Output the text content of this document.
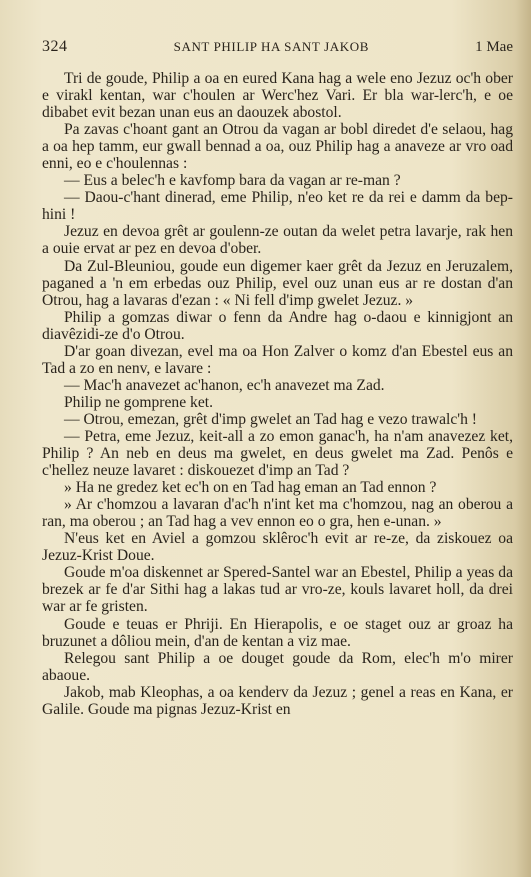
324	SANT PHILIP HA SANT JAKOB	1 Mae

Tri de goude, Philip a oa en eured Kana hag a wele eno Jezuz oc'h ober e virakl kentan, war c'houlen ar Werc'hez Vari. Er bla war-lerc'h, e oe dibabet evit bezan unan eus an daouzek abostol.

Pa zavas c'hoant gant an Otrou da vagan ar bobl diredet d'e selaou, hag a oa hep tamm, eur gwall bennad a oa, ouz Philip hag a anaveze ar vro oad enni, eo e c'houlennas :

— Eus a belec'h e kavfomp bara da vagan ar re-man ?

— Daou-c'hant dinerad, eme Philip, n'eo ket re da rei e damm da bep-hini !

Jezuz en devoa grêt ar goulenn-ze outan da welet petra lavarje, rak hen a ouie ervat ar pez en devoa d'ober.

Da Zul-Bleuniou, goude eun digemer kaer grêt da Jezuz en Jeruzalem, paganed a 'n em erbedas ouz Philip, evel ouz unan eus ar re dostan d'an Otrou, hag a lavaras d'ezan : « Ni fell d'imp gwelet Jezuz. »

Philip a gomzas diwar o fenn da Andre hag o-daou e kinnigjont an diavêzidi-ze d'o Otrou.

D'ar goan divezan, evel ma oa Hon Zalver o komz d'an Ebestel eus an Tad a zo en nenv, e lavare :

— Mac'h anavezet ac'hanon, ec'h anavezet ma Zad.

Philip ne gomprene ket.

— Otrou, emezan, grêt d'imp gwelet an Tad hag e vezo trawalc'h !

— Petra, eme Jezuz, keit-all a zo emon ganac'h, ha n'am anavezez ket, Philip ? An neb en deus ma gwelet, en deus gwelet ma Zad. Penôs e c'hellez neuze lavaret : diskouezet d'imp an Tad ?

» Ha ne gredez ket ec'h on en Tad hag eman an Tad ennon ?

» Ar c'homzou a lavaran d'ac'h n'int ket ma c'homzou, nag an oberou a ran, ma oberou ; an Tad hag a vev ennon eo o gra, hen e-unan. »

N'eus ket en Aviel a gomzou sklêroc'h evit ar re-ze, da ziskouez oa Jezuz-Krist Doue.

Goude m'oa diskennet ar Spered-Santel war an Ebestel, Philip a yeas da brezek ar fe d'ar Sithi hag a lakas tud ar vro-ze, kouls lavaret holl, da drei war ar fe gristen.

Goude e teuas er Phriji. En Hierapolis, e oe staget ouz ar groaz ha bruzunet a dôliou mein, d'an de kentan a viz mae.

Relegou sant Philip a oe douget goude da Rom, elec'h m'o mirer abaoue.

Jakob, mab Kleophas, a oa kenderv da Jezuz ; genel a reas en Kana, er Galile. Goude ma pignas Jezuz-Krist en
